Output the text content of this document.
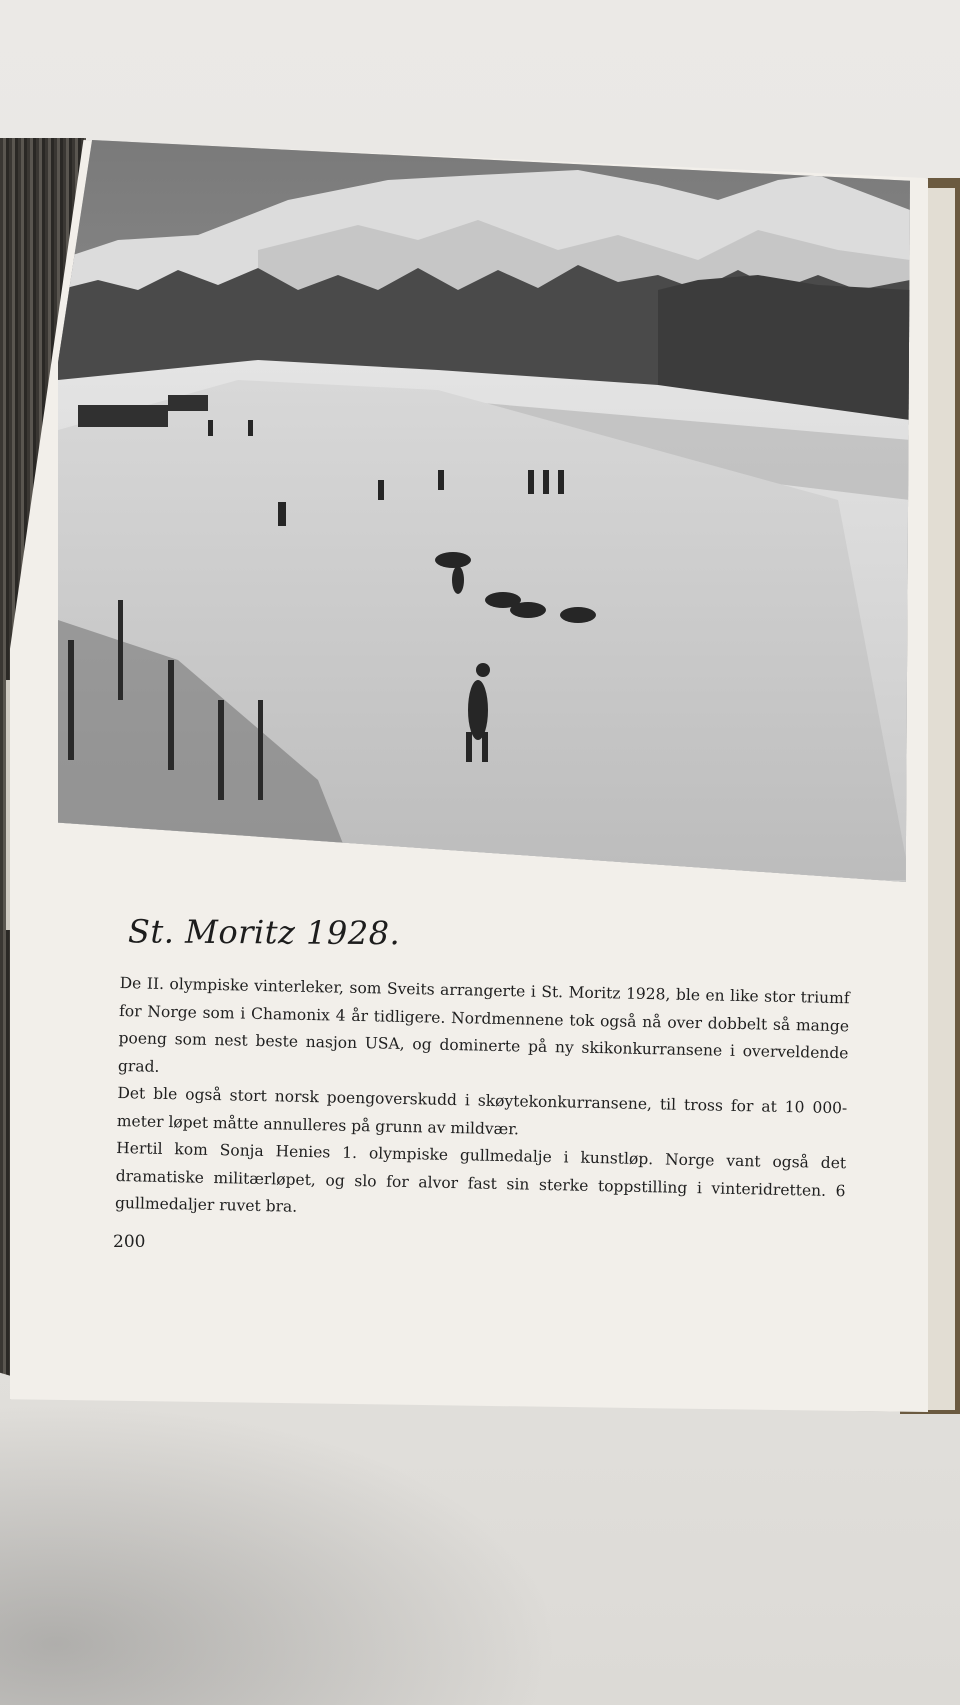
St. Moritz 1928.

De II. olympiske vinterleker, som Sveits arrangerte i St. Moritz 1928, ble en like stor triumf for Norge som i Chamonix 4 år tidligere. Nordmennene tok også nå over dobbelt så mange poeng som nest beste nasjon USA, og dominerte på ny skikonkurransene i overveldende grad.

Det ble også stort norsk poengoverskudd i skøytekonkurransene, til tross for at 10 000-meter løpet måtte annulleres på grunn av mildvær.

Hertil kom Sonja Henies 1. olympiske gullmedalje i kunstløp. Norge vant også det dramatiske militærløpet, og slo for alvor fast sin sterke toppstilling i vinteridretten. 6 gullmedaljer ruvet bra.

200
